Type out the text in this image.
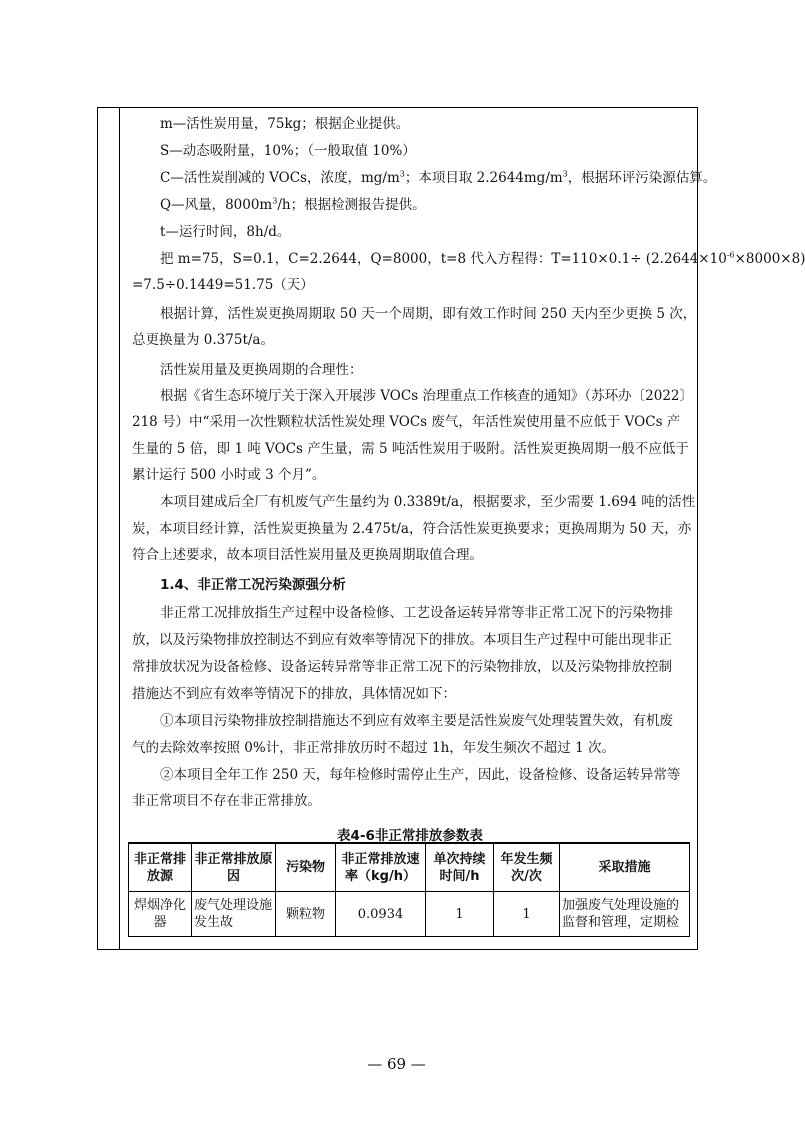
m—活性炭用量，75kg；根据企业提供。
S—动态吸附量，10%；（一般取值 10%）
C—活性炭削减的 VOCs，浓度，$mg/m^3$；本项目取 $2.2644mg/m^3$，根据环评污染源估算。
Q—风量，$8000m^3/h$；根据检测报告提供。
t—运行时间，8h/d。
把 m=75，S=0.1，C=2.2644，Q=8000，t=8 代入方程得：$T=110\times 0.1\div (2.2644\times 10^{-6}\times 8000\times 8)$
=7.5÷0.1449=51.75（天）
根据计算，活性炭更换周期取 50 天一个周期，即有效工作时间 250 天内至少更换 5 次，
总更换量为 0.375t/a。
活性炭用量及更换周期的合理性：
根据《省生态环境厅关于深入开展涉 VOCs 治理重点工作核查的通知》（苏环办〔2022〕
218 号）中“采用一次性颗粒状活性炭处理 VOCs 废气，年活性炭使用量不应低于 VOCs 产
生量的 5 倍，即 1 吨 VOCs 产生量，需 5 吨活性炭用于吸附。活性炭更换周期一般不应低于
累计运行 500 小时或 3 个月”。
本项目建成后全厂有机废气产生量约为 0.3389t/a，根据要求，至少需要 1.694 吨的活性
炭，本项目经计算，活性炭更换量为 2.475t/a，符合活性炭更换要求；更换周期为 50 天，亦
符合上述要求，故本项目活性炭用量及更换周期取值合理。
1.4、非正常工况污染源强分析
非正常工况排放指生产过程中设备检修、工艺设备运转异常等非正常工况下的污染物排
放，以及污染物排放控制达不到应有效率等情况下的排放。本项目生产过程中可能出现非正
常排放状况为设备检修、设备运转异常等非正常工况下的污染物排放，以及污染物排放控制
措施达不到应有效率等情况下的排放，具体情况如下：
①本项目污染物排放控制措施达不到应有效率主要是活性炭废气处理装置失效，有机废
气的去除效率按照 0%计，非正常排放历时不超过 1h，年发生频次不超过 1 次。
②本项目全年工作 250 天，每年检修时需停止生产，因此，设备检修、设备运转异常等
非正常项目不存在非正常排放。
表4-6非正常排放参数表
非正常排放源	非正常排放原因	污染物	非正常排放速率（kg/h）	单次持续时间/h	年发生频次/次	采取措施
焊烟净化器	废气处理设施发生故	颗粒物	0.0934	1	1	加强废气处理设施的监督和管理，定期检
— 69 —
